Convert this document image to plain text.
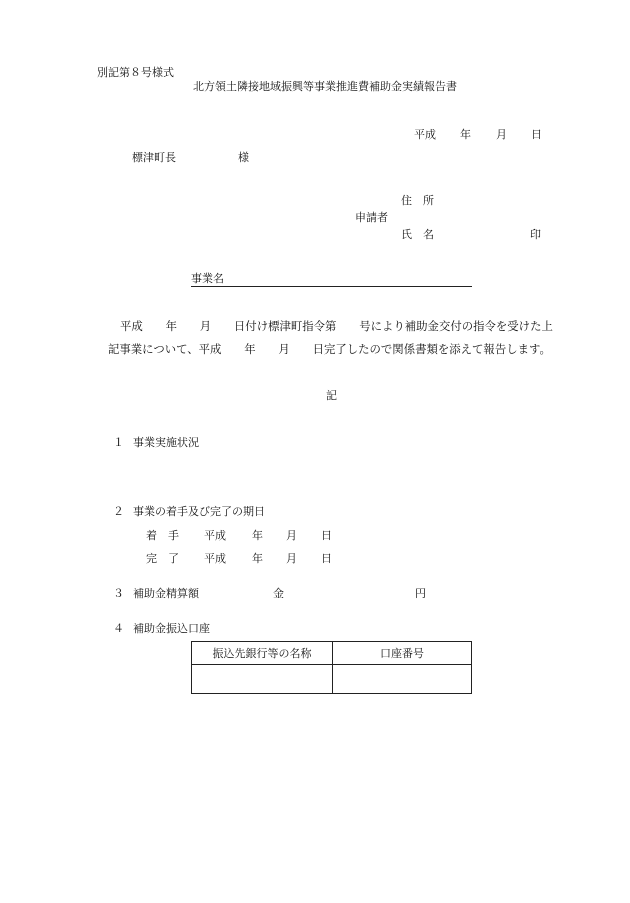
別記第８号様式
北方領土隣接地域振興等事業推進費補助金実績報告書
平成 年 月 日
標津町長	様
住　所
申請者
氏　名	印
事業名
平成　　年　　月　　日付け標津町指令第　　号により補助金交付の指令を受けた上
記事業について、平成　　年　　月　　日完了したので関係書類を添えて報告します。
記
１ 事業実施状況
２ 事業の着手及び完了の期日
着　手 平成 年 月 日
完　了 平成 年 月 日
３ 補助金精算額	金	円
４ 補助金振込口座
振込先銀行等の名称	口座番号
